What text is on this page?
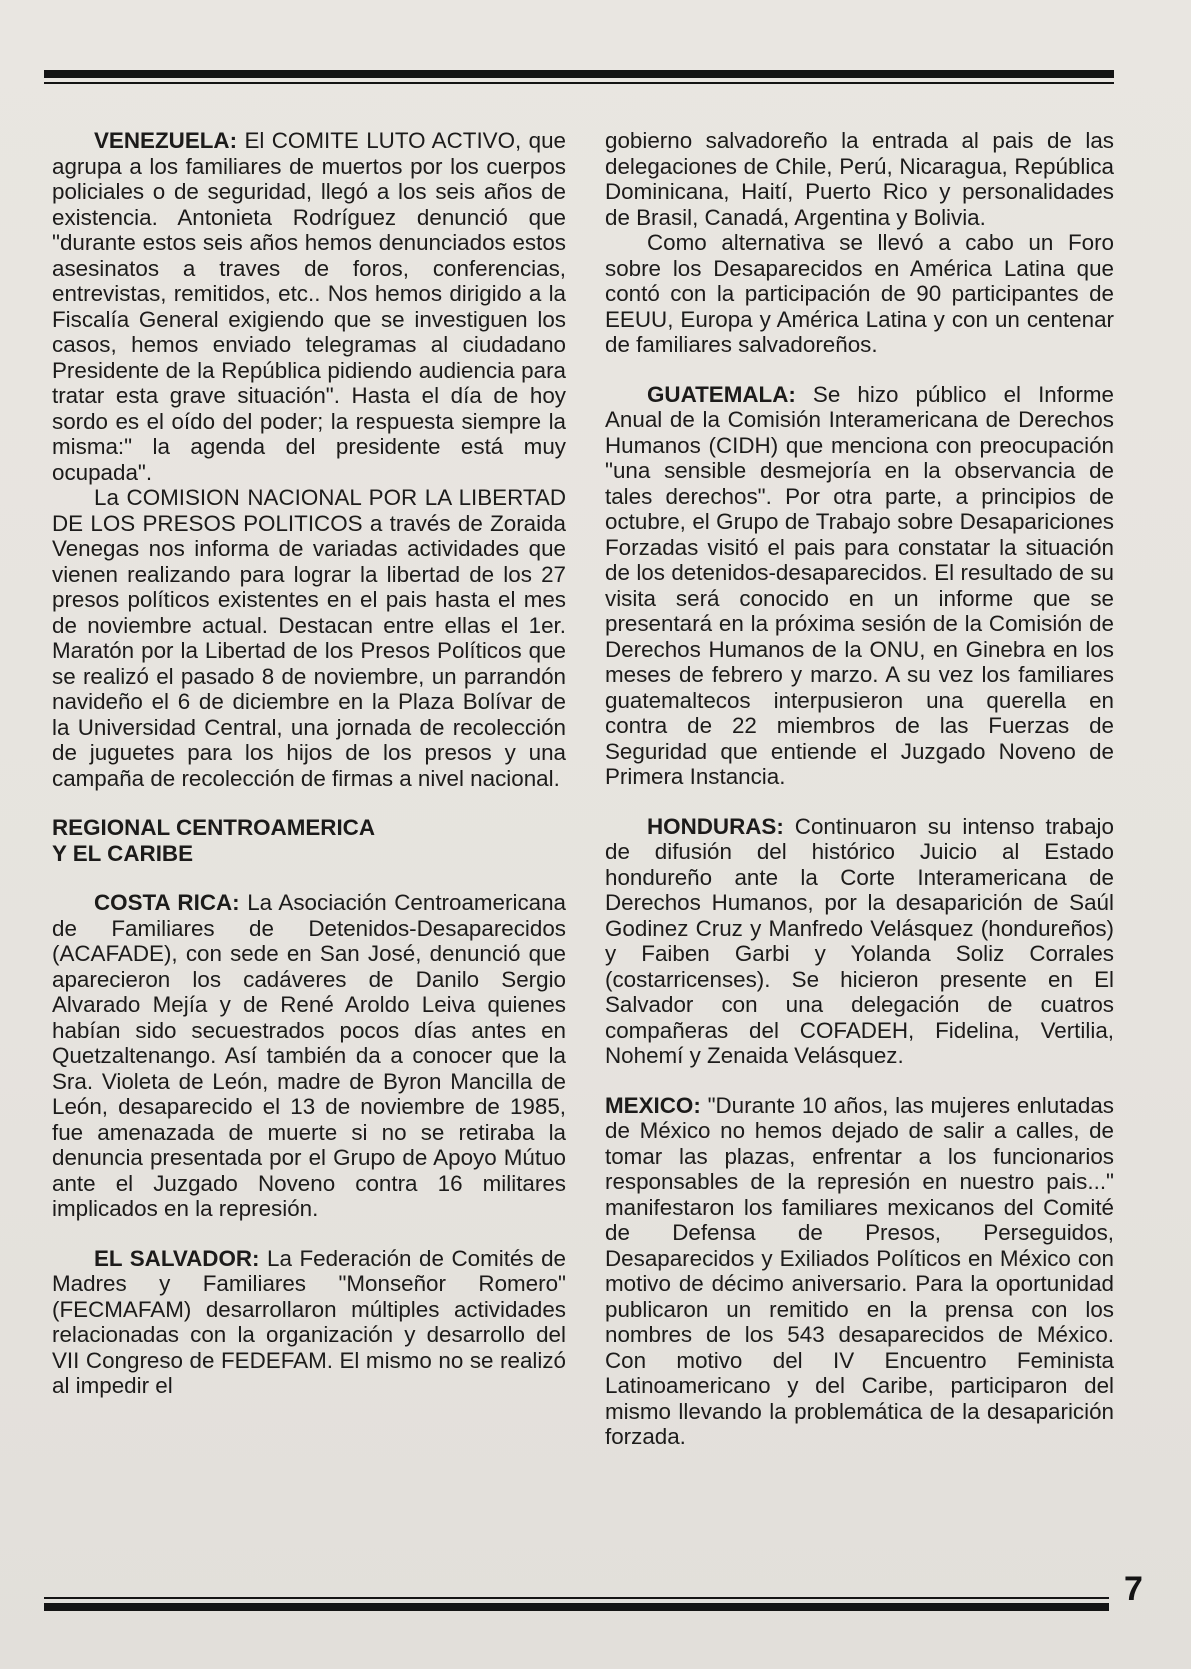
VENEZUELA: El COMITE LUTO ACTIVO, que agrupa a los familiares de muertos por los cuerpos policiales o de seguridad, llegó a los seis años de existencia. Antonieta Rodríguez denunció que "durante estos seis años hemos denunciados estos asesinatos a traves de foros, conferencias, entrevistas, remitidos, etc.. Nos hemos dirigido a la Fiscalía General exigiendo que se investiguen los casos, hemos enviado telegramas al ciudadano Presidente de la República pidiendo audiencia para tratar esta grave situación". Hasta el día de hoy sordo es el oído del poder; la respuesta siempre la misma:" la agenda del presidente está muy ocupada".

La COMISION NACIONAL POR LA LIBERTAD DE LOS PRESOS POLITICOS a través de Zoraida Venegas nos informa de variadas actividades que vienen realizando para lograr la libertad de los 27 presos políticos existentes en el pais hasta el mes de noviembre actual. Destacan entre ellas el 1er. Maratón por la Libertad de los Presos Políticos que se realizó el pasado 8 de noviembre, un parrandón navideño el 6 de diciembre en la Plaza Bolívar de la Universidad Central, una jornada de recolección de juguetes para los hijos de los presos y una campaña de recolección de firmas a nivel nacional.

REGIONAL CENTROAMERICA

Y EL CARIBE

COSTA RICA: La Asociación Centroamericana de Familiares de Detenidos-Desaparecidos (ACAFADE), con sede en San José, denunció que aparecieron los cadáveres de Danilo Sergio Alvarado Mejía y de René Aroldo Leiva quienes habían sido secuestrados pocos días antes en Quetzaltenango. Así también da a conocer que la Sra. Violeta de León, madre de Byron Mancilla de León, desaparecido el 13 de noviembre de 1985, fue amenazada de muerte si no se retiraba la denuncia presentada por el Grupo de Apoyo Mútuo ante el Juzgado Noveno contra 16 militares implicados en la represión.

EL SALVADOR: La Federación de Comités de Madres y Familiares "Monseñor Romero" (FECMAFAM) desarrollaron múltiples actividades relacionadas con la organización y desarrollo del VII Congreso de FEDEFAM. El mismo no se realizó al impedir el

gobierno salvadoreño la entrada al pais de las delegaciones de Chile, Perú, Nicaragua, República Dominicana, Haití, Puerto Rico y personalidades de Brasil, Canadá, Argentina y Bolivia.

Como alternativa se llevó a cabo un Foro sobre los Desaparecidos en América Latina que contó con la participación de 90 participantes de EEUU, Europa y América Latina y con un centenar de familiares salvadoreños.

GUATEMALA: Se hizo público el Informe Anual de la Comisión Interamericana de Derechos Humanos (CIDH) que menciona con preocupación "una sensible desmejoría en la observancia de tales derechos". Por otra parte, a principios de octubre, el Grupo de Trabajo sobre Desapariciones Forzadas visitó el pais para constatar la situación de los detenidos-desaparecidos. El resultado de su visita será conocido en un informe que se presentará en la próxima sesión de la Comisión de Derechos Humanos de la ONU, en Ginebra en los meses de febrero y marzo. A su vez los familiares guatemaltecos interpusieron una querella en contra de 22 miembros de las Fuerzas de Seguridad que entiende el Juzgado Noveno de Primera Instancia.

HONDURAS: Continuaron su intenso trabajo de difusión del histórico Juicio al Estado hondureño ante la Corte Interamericana de Derechos Humanos, por la desaparición de Saúl Godinez Cruz y Manfredo Velásquez (hondureños) y Faiben Garbi y Yolanda Soliz Corrales (costarricenses). Se hicieron presente en El Salvador con una delegación de cuatros compañeras del COFADEH, Fidelina, Vertilia, Nohemí y Zenaida Velásquez.

MEXICO: "Durante 10 años, las mujeres enlutadas de México no hemos dejado de salir a calles, de tomar las plazas, enfrentar a los funcionarios responsables de la represión en nuestro pais..." manifestaron los familiares mexicanos del Comité de Defensa de Presos, Perseguidos, Desaparecidos y Exiliados Políticos en México con motivo de décimo aniversario. Para la oportunidad publicaron un remitido en la prensa con los nombres de los 543 desaparecidos de México. Con motivo del IV Encuentro Feminista Latinoamericano y del Caribe, participaron del mismo llevando la problemática de la desaparición forzada.

7
